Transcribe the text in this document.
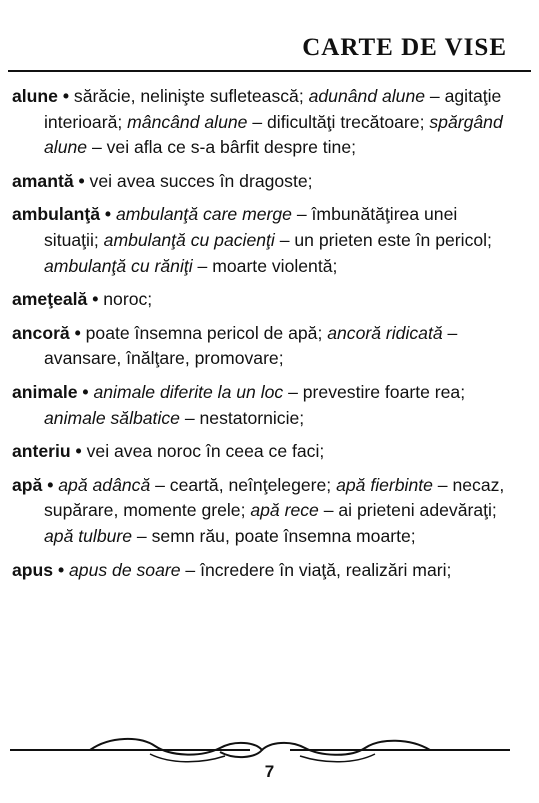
CARTE DE VISE

alune • sărăcie, nelinişte sufletească; adunând alune – agitaţie interioară; mâncând alune – dificultăţi trecătoare; spărgând alune – vei afla ce s-a bârfit despre tine;

amantă • vei avea succes în dragoste;

ambulanţă • ambulanţă care merge – îmbunătăţirea unei situaţii; ambulanţă cu pacienţi – un prieten este în pericol; ambulanţă cu răniţi – moarte violentă;

ameţeală • noroc;

ancoră • poate însemna pericol de apă; ancoră ridicată – avansare, înălţare, promovare;

animale • animale diferite la un loc – prevestire foarte rea; animale sălbatice – nestatornicie;

anteriu • vei avea noroc în ceea ce faci;

apă • apă adâncă – ceartă, neînţelegere; apă fierbinte – necaz, supărare, momente grele; apă rece – ai prieteni adevăraţi; apă tulbure – semn rău, poate însemna moarte;

apus • apus de soare – încredere în viaţă, realizări mari;

7
